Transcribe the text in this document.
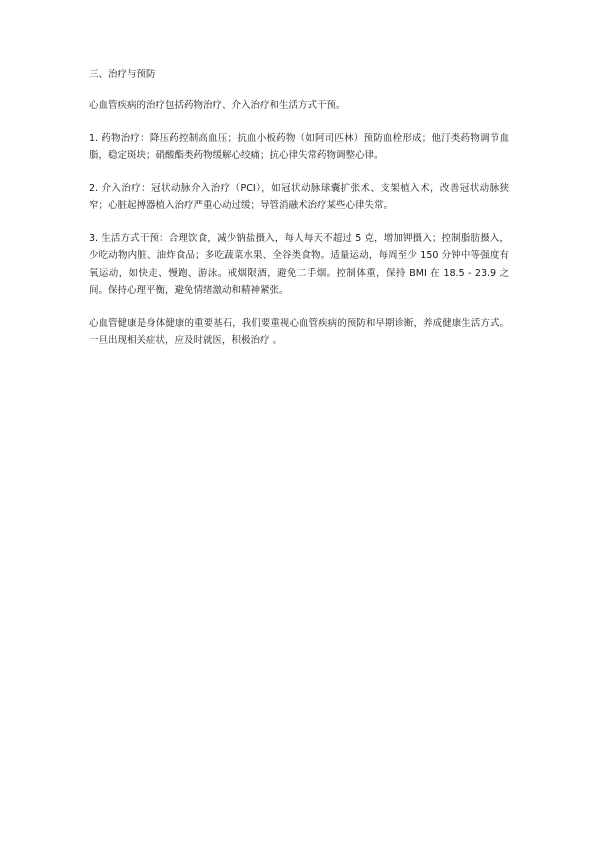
三、治疗与预防

心血管疾病的治疗包括药物治疗、介入治疗和生活方式干预。

1. 药物治疗：降压药控制高血压；抗血小板药物（如阿司匹林）预防血栓形成；他汀类药物调节血脂，稳定斑块；硝酸酯类药物缓解心绞痛；抗心律失常药物调整心律。

2. 介入治疗：冠状动脉介入治疗（PCI），如冠状动脉球囊扩张术、支架植入术，改善冠状动脉狭窄；心脏起搏器植入治疗严重心动过缓；导管消融术治疗某些心律失常。

3. 生活方式干预：合理饮食，减少钠盐摄入，每人每天不超过 5 克，增加钾摄入；控制脂肪摄入，少吃动物内脏、油炸食品；多吃蔬菜水果、全谷类食物。适量运动，每周至少 150 分钟中等强度有氧运动，如快走、慢跑、游泳。戒烟限酒，避免二手烟。控制体重，保持 BMI 在 18.5 - 23.9 之间。保持心理平衡，避免情绪激动和精神紧张。

心血管健康是身体健康的重要基石，我们要重视心血管疾病的预防和早期诊断，养成健康生活方式。一旦出现相关症状，应及时就医，积极治疗 。
